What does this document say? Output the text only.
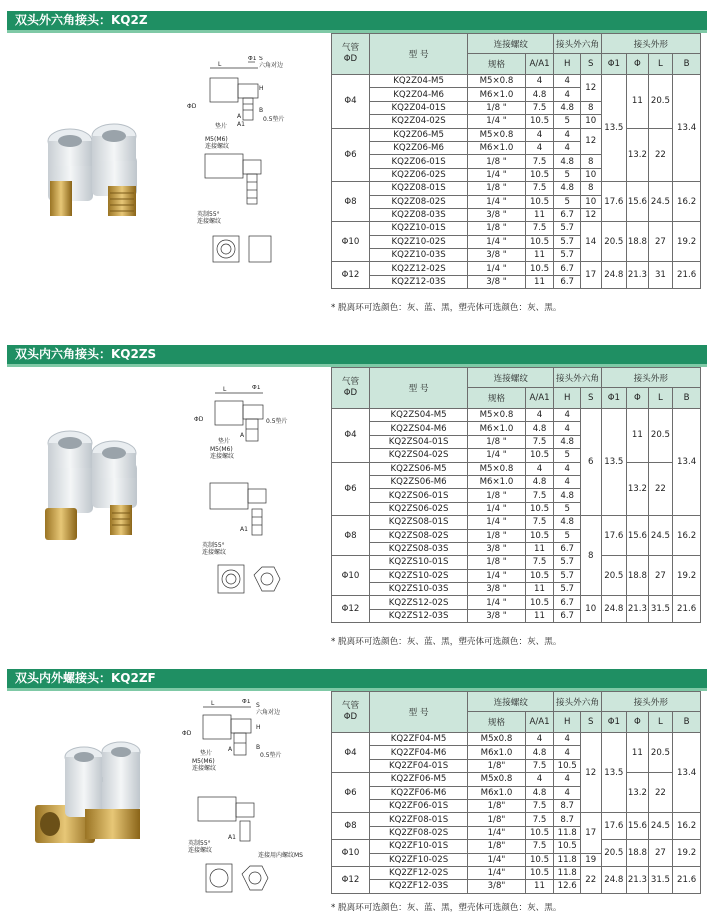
双头外六角接头：KQ2Z
L
Φ1 S
六角对边
H
B
0.5垫片
垫片
M5(M6)
连接螺纹
英制55°
连接螺纹
ΦD
A
A1
气管
ΦD	型 号	连接螺纹		接头外六角		接头外形			
		规格	A/A1	H	S	Φ1	Φ	L	B
Φ4	KQ2Z04-M5	M5×0.8	4	4	12	13.5	11	20.5	13.4
	KQ2Z04-M6	M6×1.0	4.8	4					
	KQ2Z04-01S	1/8 "	7.5	4.8	8				
	KQ2Z04-02S	1/4 "	10.5	5	10				
Φ6	KQ2Z06-M5	M5×0.8	4	4	12		13.2	22	
	KQ2Z06-M6	M6×1.0	4	4					
	KQ2Z06-01S	1/8 "	7.5	4.8	8				
	KQ2Z06-02S	1/4 "	10.5	5	10				
Φ8	KQ2Z08-01S	1/8 "	7.5	4.8	8	17.6	15.6	24.5	16.2
	KQ2Z08-02S	1/4 "	10.5	5	10				
	KQ2Z08-03S	3/8 "	11	6.7	12				
Φ10	KQ2Z10-01S	1/8 "	7.5	5.7	14	20.5	18.8	27	19.2
	KQ2Z10-02S	1/4 "	10.5	5.7					
	KQ2Z10-03S	3/8 "	11	5.7					
Φ12	KQ2Z12-02S	1/4 "	10.5	6.7	17	24.8	21.3	31	21.6
	KQ2Z12-03S	3/8 "	11	6.7					
* 脱离环可选颜色：灰、蓝、黑，塑壳体可选颜色：灰、黑。
双头内六角接头：KQ2ZS
L	Φ1
0.5垫片
垫片
M5(M6)
连接螺纹
英制55°
连接螺纹
ΦD
A
A1
气管
ΦD	型 号	连接螺纹		接头外六角		接头外形			
		规格	A/A1	H	S	Φ1	Φ	L	B
Φ4	KQ2ZS04-M5	M5×0.8	4	4	6	13.5	11	20.5	13.4
	KQ2ZS04-M6	M6×1.0	4.8	4					
	KQ2ZS04-01S	1/8 "	7.5	4.8					
	KQ2ZS04-02S	1/4 "	10.5	5					
Φ6	KQ2ZS06-M5	M5×0.8	4	4			13.2	22	
	KQ2ZS06-M6	M6×1.0	4.8	4					
	KQ2ZS06-01S	1/8 "	7.5	4.8					
	KQ2ZS06-02S	1/4 "	10.5	5					
Φ8	KQ2ZS08-01S	1/4 "	7.5	4.8	8	17.6	15.6	24.5	16.2
	KQ2ZS08-02S	1/8 "	10.5	5					
	KQ2ZS08-03S	3/8 "	11	6.7					
Φ10	KQ2ZS10-01S	1/8 "	7.5	5.7		20.5	18.8	27	19.2
	KQ2ZS10-02S	1/4 "	10.5	5.7					
	KQ2ZS10-03S	3/8 "	11	5.7					
Φ12	KQ2ZS12-02S	1/4 "	10.5	6.7	10	24.8	21.3	31.5	21.6
	KQ2ZS12-03S	3/8 "	11	6.7					
* 脱离环可选颜色：灰、蓝、黑，塑壳体可选颜色：灰、黑。
双头内外螺接头：KQ2ZF
L	Φ1
S
六角对边
H
B
0.5垫片
垫片
M5(M6)
连接螺纹
英制55°
连接螺纹
连接用内螺纹MS
ΦD
A
A1
气管
ΦD	型 号	连接螺纹		接头外六角		接头外形			
		规格	A/A1	H	S	Φ1	Φ	L	B
Φ4	KQ2ZF04-M5	M5x0.8	4	4	12	13.5	11	20.5	13.4
	KQ2ZF04-M6	M6x1.0	4.8	4					
	KQ2ZF04-01S	1/8"	7.5	10.5					
Φ6	KQ2ZF06-M5	M5x0.8	4	4			13.2	22	
	KQ2ZF06-M6	M6x1.0	4.8	4					
	KQ2ZF06-01S	1/8"	7.5	8.7					
Φ8	KQ2ZF08-01S	1/8"	7.5	8.7	17	17.6	15.6	24.5	16.2
	KQ2ZF08-02S	1/4"	10.5	11.8					
Φ10	KQ2ZF10-01S	1/8"	7.5	10.5		20.5	18.8	27	19.2
	KQ2ZF10-02S	1/4"	10.5	11.8	19				
Φ12	KQ2ZF12-02S	1/4"	10.5	11.8	22	24.8	21.3	31.5	21.6
	KQ2ZF12-03S	3/8"	11	12.6					
* 脱离环可选颜色：灰、蓝、黑，塑壳体可选颜色：灰、黑。
